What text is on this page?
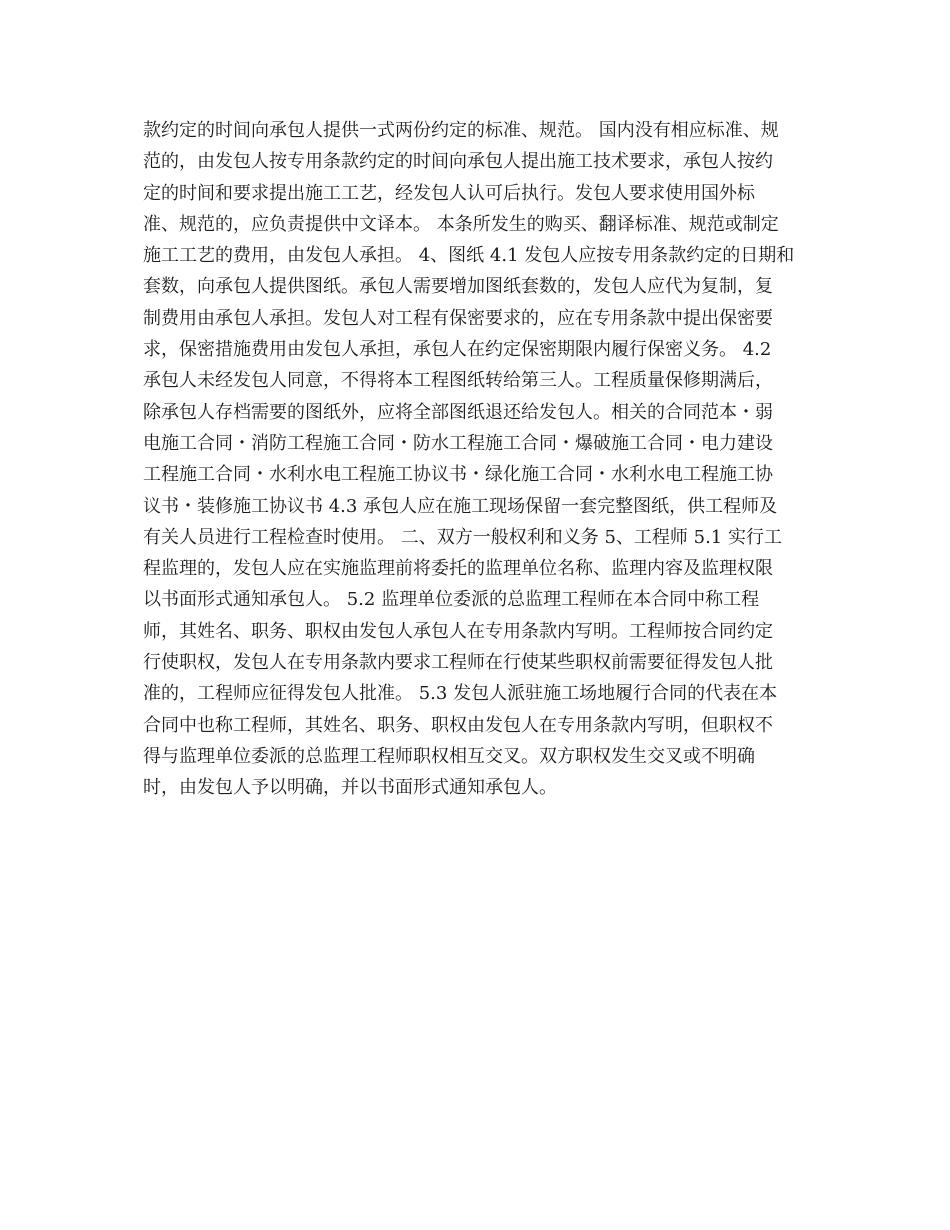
款约定的时间向承包人提供一式两份约定的标准、规范。 国内没有相应标准、规
范的，由发包人按专用条款约定的时间向承包人提出施工技术要求，承包人按约
定的时间和要求提出施工工艺，经发包人认可后执行。发包人要求使用国外标
准、规范的，应负责提供中文译本。 本条所发生的购买、翻译标准、规范或制定
施工工艺的费用，由发包人承担。 4、图纸 4.1 发包人应按专用条款约定的日期和
套数，向承包人提供图纸。承包人需要增加图纸套数的，发包人应代为复制，复
制费用由承包人承担。发包人对工程有保密要求的，应在专用条款中提出保密要
求，保密措施费用由发包人承担，承包人在约定保密期限内履行保密义务。 4.2
承包人未经发包人同意，不得将本工程图纸转给第三人。工程质量保修期满后，
除承包人存档需要的图纸外，应将全部图纸退还给发包人。相关的合同范本・弱
电施工合同・消防工程施工合同・防水工程施工合同・爆破施工合同・电力建设
工程施工合同・水利水电工程施工协议书・绿化施工合同・水利水电工程施工协
议书・装修施工协议书 4.3 承包人应在施工现场保留一套完整图纸，供工程师及
有关人员进行工程检查时使用。 二、双方一般权利和义务 5、工程师 5.1 实行工
程监理的，发包人应在实施监理前将委托的监理单位名称、监理内容及监理权限
以书面形式通知承包人。 5.2 监理单位委派的总监理工程师在本合同中称工程
师，其姓名、职务、职权由发包人承包人在专用条款内写明。工程师按合同约定
行使职权，发包人在专用条款内要求工程师在行使某些职权前需要征得发包人批
准的，工程师应征得发包人批准。 5.3 发包人派驻施工场地履行合同的代表在本
合同中也称工程师，其姓名、职务、职权由发包人在专用条款内写明，但职权不
得与监理单位委派的总监理工程师职权相互交叉。双方职权发生交叉或不明确
时，由发包人予以明确，并以书面形式通知承包人。
